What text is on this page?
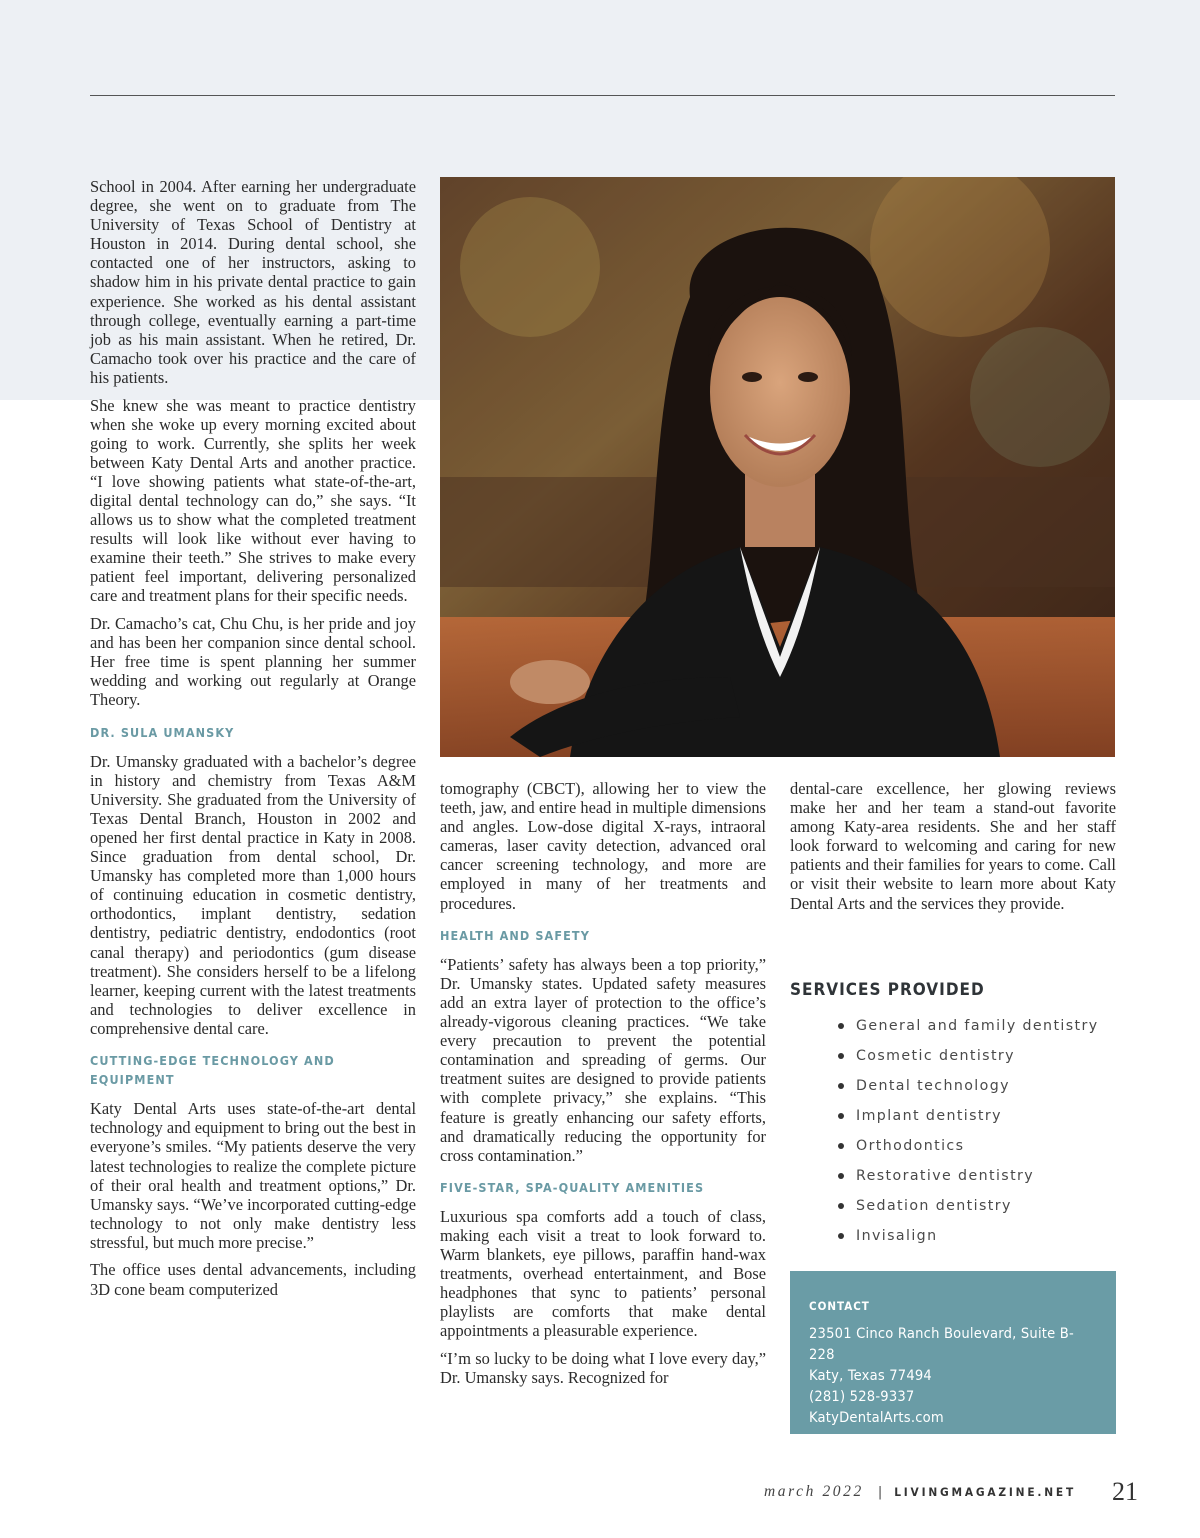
School in 2004. After earning her undergraduate degree, she went on to graduate from The University of Texas School of Dentistry at Houston in 2014. During dental school, she contacted one of her instructors, asking to shadow him in his private dental practice to gain experience. She worked as his dental assistant through college, eventually earning a part-time job as his main assistant. When he retired, Dr. Camacho took over his practice and the care of his patients.

She knew she was meant to practice dentistry when she woke up every morning excited about going to work. Currently, she splits her week between Katy Dental Arts and another practice. “I love showing patients what state-of-the-art, digital dental technology can do,” she says. “It allows us to show what the completed treatment results will look like without ever having to examine their teeth.” She strives to make every patient feel important, delivering personalized care and treatment plans for their specific needs.

Dr. Camacho’s cat, Chu Chu, is her pride and joy and has been her companion since dental school. Her free time is spent planning her summer wedding and working out regularly at Orange Theory.

DR. SULA UMANSKY

Dr. Umansky graduated with a bachelor’s degree in history and chemistry from Texas A&M University. She graduated from the University of Texas Dental Branch, Houston in 2002 and opened her first dental practice in Katy in 2008. Since graduation from dental school, Dr. Umansky has completed more than 1,000 hours of continuing education in cosmetic dentistry, orthodontics, implant dentistry, sedation dentistry, pediatric dentistry, endodontics (root canal therapy) and periodontics (gum disease treatment). She considers herself to be a lifelong learner, keeping current with the latest treatments and technologies to deliver excellence in comprehensive dental care.

CUTTING-EDGE TECHNOLOGY AND EQUIPMENT

Katy Dental Arts uses state-of-the-art dental technology and equipment to bring out the best in everyone’s smiles. “My patients deserve the very latest technologies to realize the complete picture of their oral health and treatment options,” Dr. Umansky says. “We’ve incorporated cutting-edge technology to not only make dentistry less stressful, but much more precise.”

The office uses dental advancements, including 3D cone beam computerized

tomography (CBCT), allowing her to view the teeth, jaw, and entire head in multiple dimensions and angles. Low-dose digital X-rays, intraoral cameras, laser cavity detection, advanced oral cancer screening technology, and more are employed in many of her treatments and procedures.

HEALTH AND SAFETY

“Patients’ safety has always been a top priority,” Dr. Umansky states. Updated safety measures add an extra layer of protection to the office’s already-vigorous cleaning practices. “We take every precaution to prevent the potential contamination and spreading of germs. Our treatment suites are designed to provide patients with complete privacy,” she explains. “This feature is greatly enhancing our safety efforts, and dramatically reducing the opportunity for cross contamination.”

FIVE-STAR, SPA-QUALITY AMENITIES

Luxurious spa comforts add a touch of class, making each visit a treat to look forward to. Warm blankets, eye pillows, paraffin hand-wax treatments, overhead entertainment, and Bose headphones that sync to patients’ personal playlists are comforts that make dental appointments a pleasurable experience.

“I’m so lucky to be doing what I love every day,” Dr. Umansky says. Recognized for

dental-care excellence, her glowing reviews make her and her team a stand-out favorite among Katy-area residents. She and her staff look forward to welcoming and caring for new patients and their families for years to come. Call or visit their website to learn more about Katy Dental Arts and the services they provide.

SERVICES PROVIDED
General and family dentistry
Cosmetic dentistry
Dental technology
Implant dentistry
Orthodontics
Restorative dentistry
Sedation dentistry
Invisalign
CONTACT
23501 Cinco Ranch Boulevard, Suite B-228
Katy, Texas 77494
(281) 528-9337
KatyDentalArts.com
march 2022 | LIVINGMAGAZINE.NET 21
